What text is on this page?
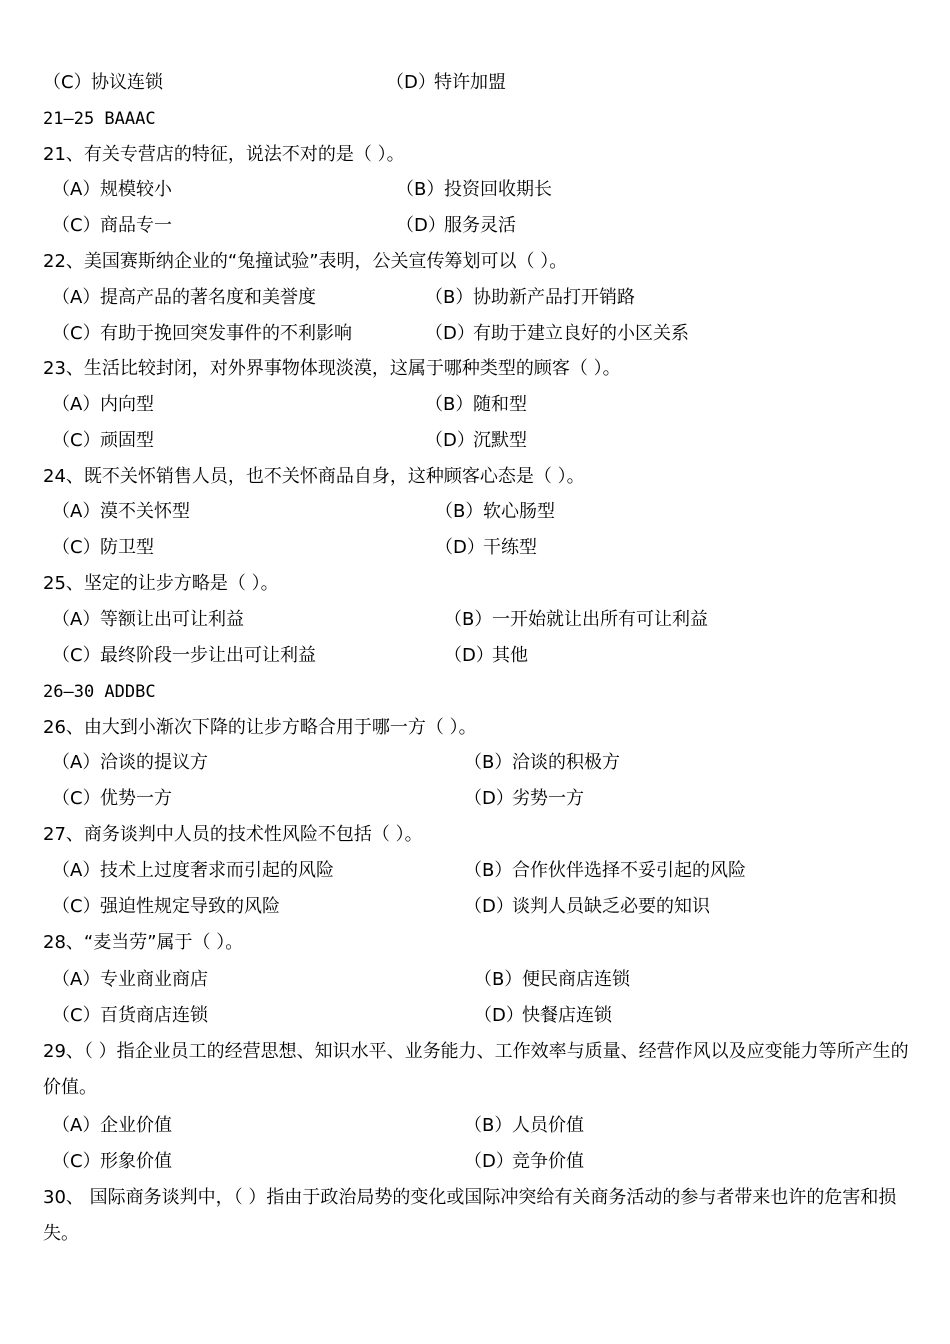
（C）协议连锁	（D）特许加盟
21—25 BAAAC
21、有关专营店的特征，说法不对的是（ ）。
（A）规模较小	（B）投资回收期长
（C）商品专一	（D）服务灵活
22、美国赛斯纳企业的“兔撞试验”表明，公关宣传筹划可以（ ）。
（A）提高产品的著名度和美誉度	（B）协助新产品打开销路
（C）有助于挽回突发事件的不利影响	（D）有助于建立良好的小区关系
23、生活比较封闭，对外界事物体现淡漠，这属于哪种类型的顾客（ ）。
（A）内向型	（B）随和型
（C）顽固型	（D）沉默型
24、既不关怀销售人员，也不关怀商品自身，这种顾客心态是（ ）。
（A）漠不关怀型	（B）软心肠型
（C）防卫型	（D）干练型
25、坚定的让步方略是（ ）。
（A）等额让出可让利益	（B）一开始就让出所有可让利益
（C）最终阶段一步让出可让利益	（D）其他
26—30 ADDBC
26、由大到小渐次下降的让步方略合用于哪一方（ ）。
（A）洽谈的提议方	（B）洽谈的积极方
（C）优势一方	（D）劣势一方
27、商务谈判中人员的技术性风险不包括（ ）。
（A）技术上过度奢求而引起的风险	（B）合作伙伴选择不妥引起的风险
（C）强迫性规定导致的风险	（D）谈判人员缺乏必要的知识
28、“麦当劳”属于（ ）。
（A）专业商业商店	（B）便民商店连锁
（C）百货商店连锁	（D）快餐店连锁
29、（ ）指企业员工的经营思想、知识水平、业务能力、工作效率与质量、经营作风以及应变能力等所产生的价值。
（A）企业价值	（B）人员价值
（C）形象价值	（D）竞争价值
30、 国际商务谈判中，（ ）指由于政治局势的变化或国际冲突给有关商务活动的参与者带来也许的危害和损失。
